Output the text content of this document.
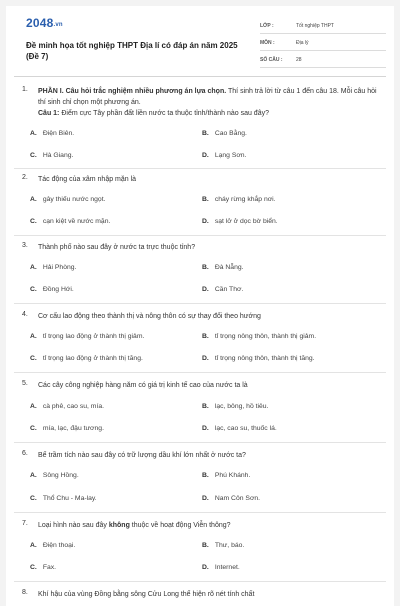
2048.vn
Đề minh họa tốt nghiệp THPT Địa lí có đáp án năm 2025 (Đề 7)
LỚP :	Tốt nghiệp THPT
MÔN :	Địa lý
SỐ CÂU :	28
1. PHẦN I. Câu hỏi trắc nghiệm nhiều phương án lựa chọn. Thí sinh trả lời từ câu 1 đến câu 18. Mỗi câu hỏi thí sinh chỉ chọn một phương án.
Câu 1: Điểm cực Tây phần đất liền nước ta thuộc tỉnh/thành nào sau đây?
A. Điện Biên.	B. Cao Bằng.
C. Hà Giang.	D. Lạng Sơn.
2. Tác động của xâm nhập mặn là
A. gây thiếu nước ngọt.	B. cháy rừng khắp nơi.
C. cạn kiệt về nước mặn.	D. sạt lở ở dọc bờ biển.
3. Thành phố nào sau đây ở nước ta trực thuộc tỉnh?
A. Hải Phòng.	B. Đà Nẵng.
C. Đồng Hới.	D. Cần Thơ.
4. Cơ cấu lao động theo thành thị và nông thôn có sự thay đổi theo hướng
A. tỉ trọng lao động ở thành thị giảm.	B. tỉ trọng nông thôn, thành thị giảm.
C. tỉ trọng lao động ở thành thị tăng.	D. tỉ trọng nông thôn, thành thị tăng.
5. Các cây công nghiệp hàng năm có giá trị kinh tế cao của nước ta là
A. cà phê, cao su, mía.	B. lạc, bông, hồ tiêu.
C. mía, lạc, đậu tương.	D. lạc, cao su, thuốc lá.
6. Bể trầm tích nào sau đây có trữ lượng dầu khí lớn nhất ở nước ta?
A. Sông Hồng.	B. Phú Khánh.
C. Thổ Chu - Ma-lay.	D. Nam Côn Sơn.
7. Loại hình nào sau đây không thuộc về hoạt động Viễn thông?
A. Điện thoại.	B. Thư, báo.
C. Fax.	D. Internet.
8. Khí hậu của vùng Đồng bằng sông Cửu Long thể hiện rõ nét tính chất
